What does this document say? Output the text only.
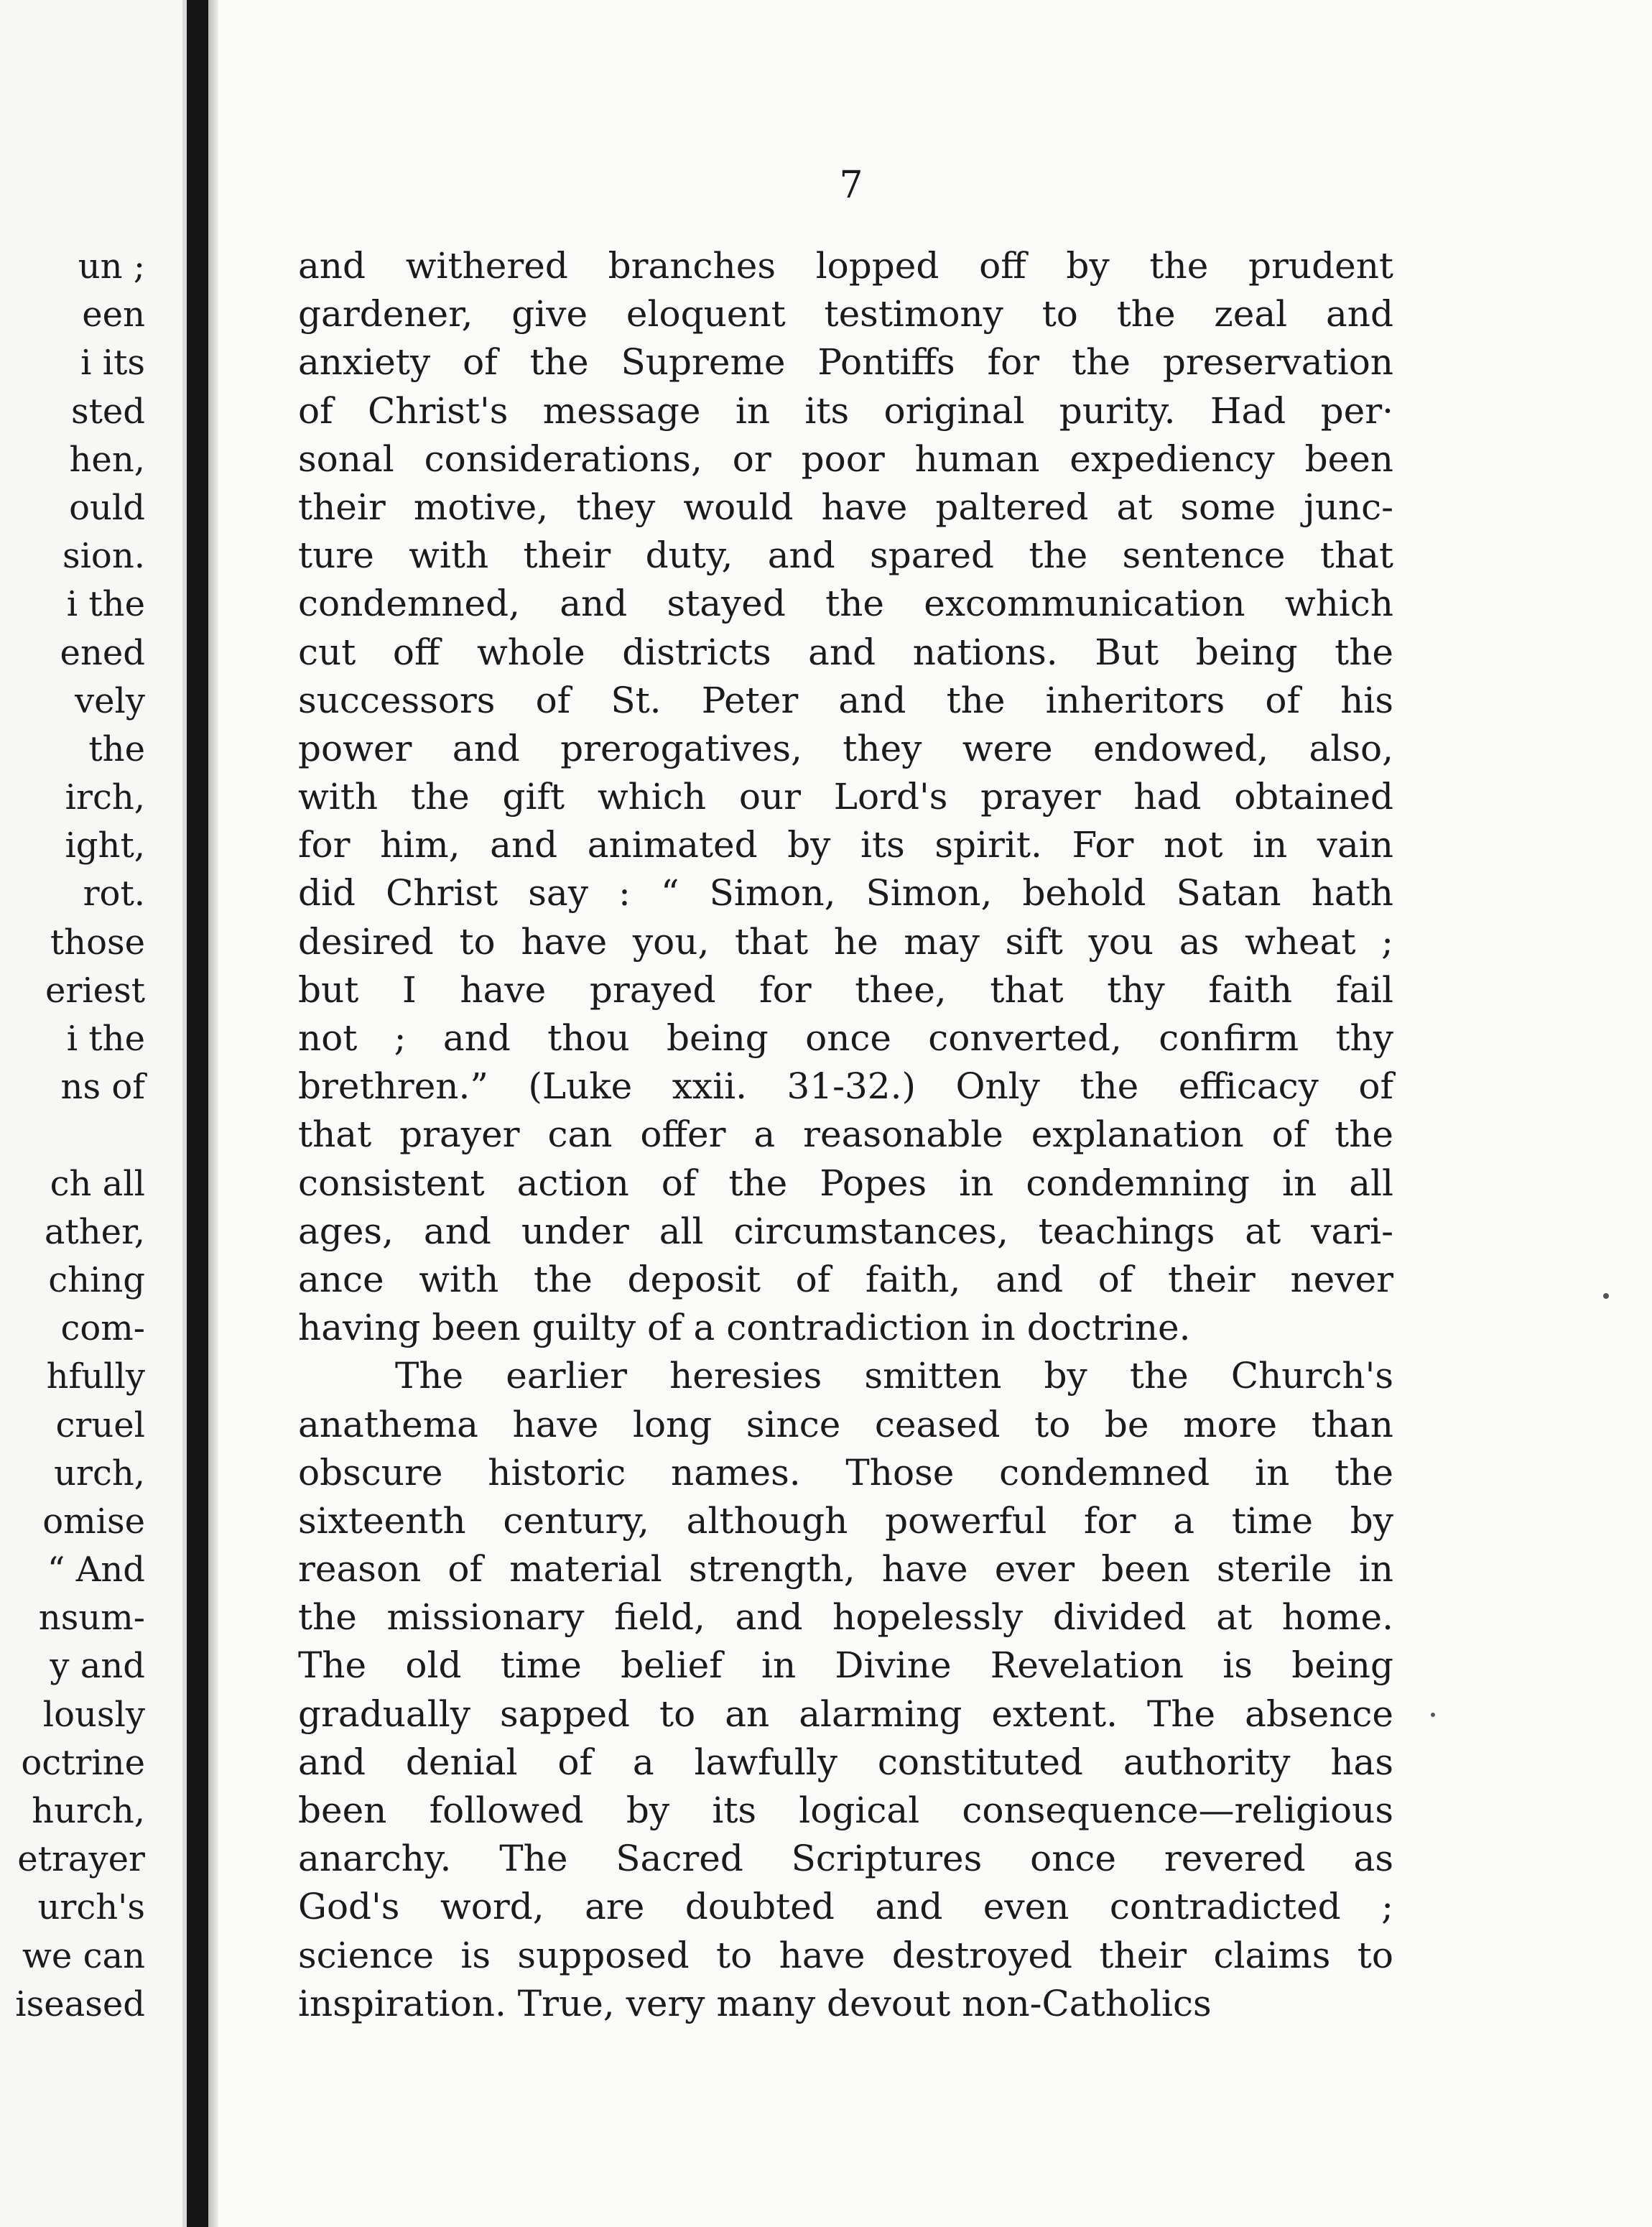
un ;
een
i its
sted
hen,
ould
sion.
i the
ened
vely
the
irch,
ight,
rot.
those
eriest
i the
ns of
ch all
ather,
ching
com-
hfully
cruel
urch,
omise
“ And
nsum-
y and
lously
octrine
hurch,
etrayer
urch's
we can
iseased
7
and withered branches lopped off by the prudent
gardener, give eloquent testimony to the zeal and
anxiety of the Supreme Pontiffs for the preservation
of Christ's message in its original purity. Had per·
sonal considerations, or poor human expediency been
their motive, they would have paltered at some junc-
ture with their duty, and spared the sentence that
condemned, and stayed the excommunication which
cut off whole districts and nations. But being the
successors of St. Peter and the inheritors of his
power and prerogatives, they were endowed, also,
with the gift which our Lord's prayer had obtained
for him, and animated by its spirit. For not in vain
did Christ say : “ Simon, Simon, behold Satan hath
desired to have you, that he may sift you as wheat ;
but I have prayed for thee, that thy faith fail
not ; and thou being once converted, confirm thy
brethren.” (Luke xxii. 31-32.) Only the efficacy of
that prayer can offer a reasonable explanation of the
consistent action of the Popes in condemning in all
ages, and under all circumstances, teachings at vari-
ance with the deposit of faith, and of their never
having been guilty of a contradiction in doctrine.
The earlier heresies smitten by the Church's
anathema have long since ceased to be more than
obscure historic names. Those condemned in the
sixteenth century, although powerful for a time by
reason of material strength, have ever been sterile in
the missionary field, and hopelessly divided at home.
The old time belief in Divine Revelation is being
gradually sapped to an alarming extent. The absence
and denial of a lawfully constituted authority has
been followed by its logical consequence—religious
anarchy. The Sacred Scriptures once revered as
God's word, are doubted and even contradicted ;
science is supposed to have destroyed their claims to
inspiration. True, very many devout non-Catholics
